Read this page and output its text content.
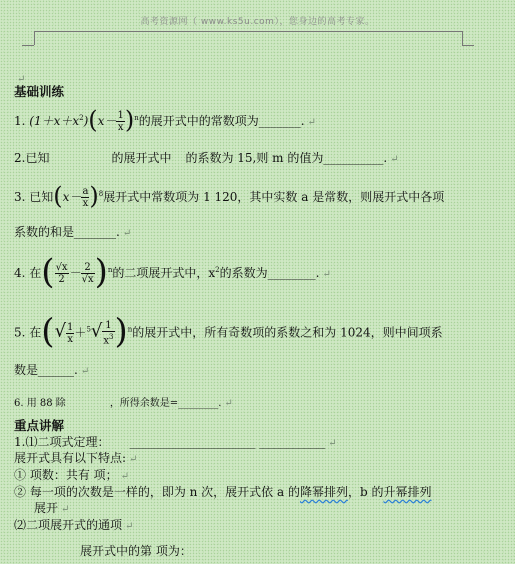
高考资源网（ www.ks5u.com），您身边的高考专家。
↵
基础训练
1. $(1+x+x^2)(x- \frac{1}{x} )^n$的展开式中的常数项为_______. ↵
2.已知	的展开式中 的系数为 15,则 m 的值为__________. ↵
3. 已知$(x- \frac{a}{x} )^8$展开式中常数项为 1 120，其中实数 a 是常数，则展开式中各项
系数的和是_______. ↵
4. 在( $\frac{√x}{2} - \frac{2}{√x} )^n$的二项展开式中，$x^2$的系数为________. ↵
5. 在(√ $\frac{1}{x} +^5√ \frac{1}{x^3} )^n$的展开式中，所有奇数项的系数之和为 1024，则中间项系
数是______. ↵
6. 用 88 除	，所得余数是=________. ↵
重点讲解
1.⑴二项式定理： _____________________ ___________ ↵
展开式具有以下特点: ↵
① 项数：共有 项； ↵
② 每一项的次数是一样的，即为 n 次，展开式依 a 的降幂排列，b 的升幂排列
展开 ↵
⑵二项展开式的通项 ↵
展开式中的第 项为：
